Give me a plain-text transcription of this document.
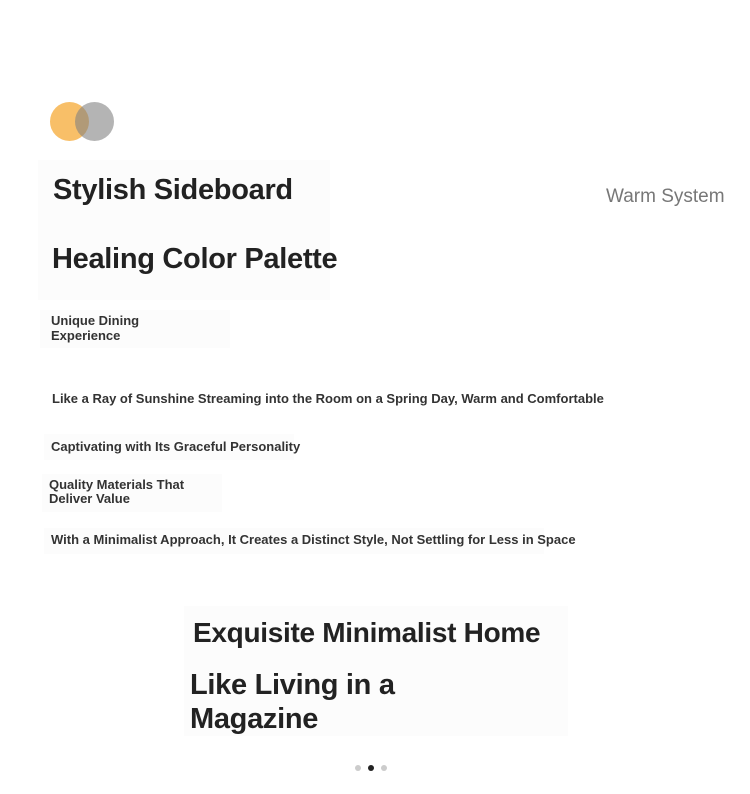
Stylish Sideboard
Healing Color Palette
Warm System
Unique Dining Experience
Like a Ray of Sunshine Streaming into the Room on a Spring Day, Warm and Comfortable
Captivating with Its Graceful Personality
Quality Materials That Deliver Value
With a Minimalist Approach, It Creates a Distinct Style, Not Settling for Less in Space
Exquisite Minimalist Home
Like Living in a Magazine
